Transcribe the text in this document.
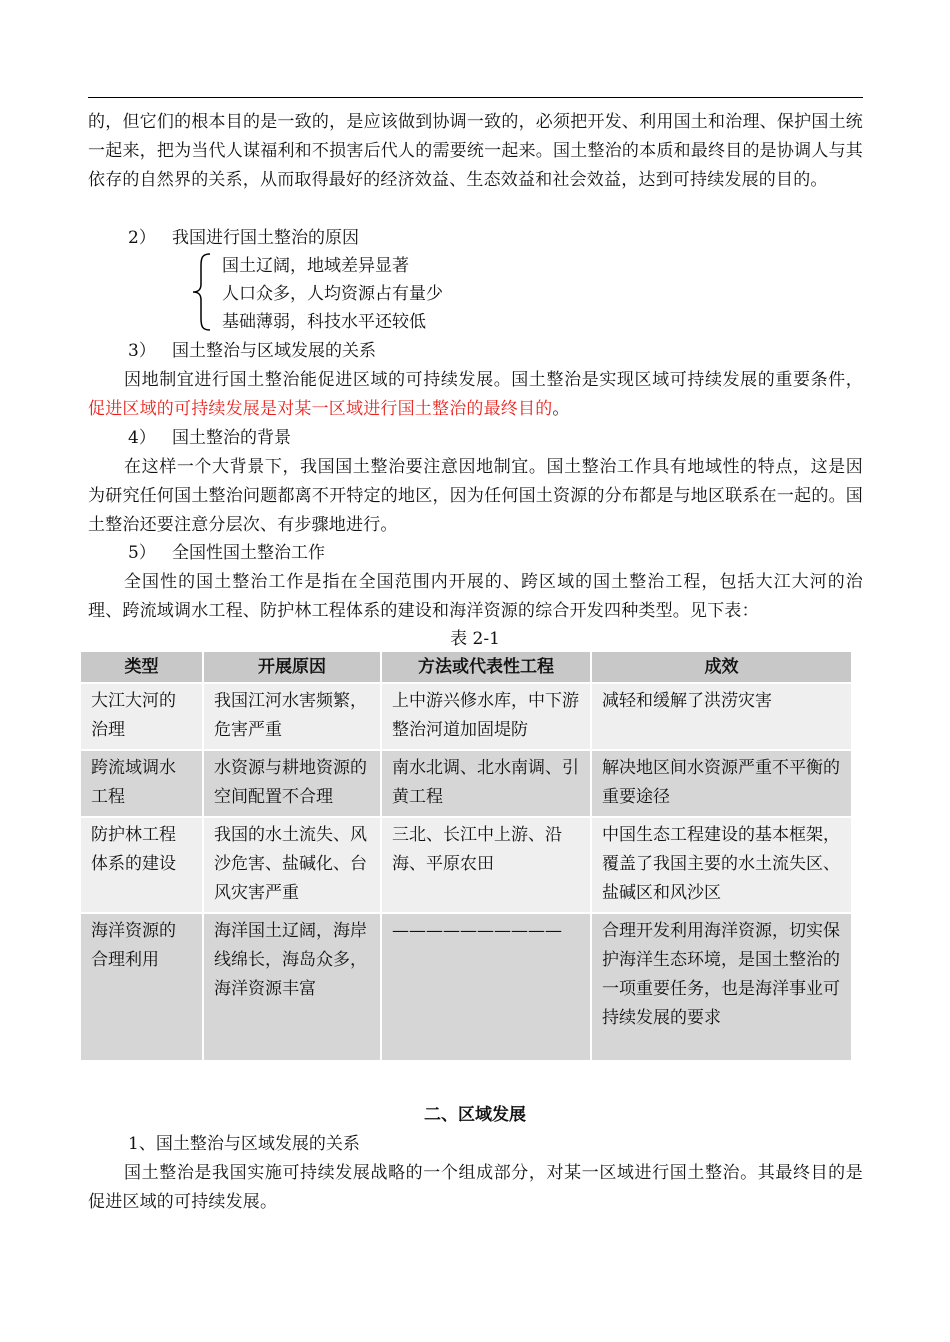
的，但它们的根本目的是一致的，是应该做到协调一致的，必须把开发、利用国土和治理、保护国土统一起来，把为当代人谋福利和不损害后代人的需要统一起来。国土整治的本质和最终目的是协调人与其依存的自然界的关系，从而取得最好的经济效益、生态效益和社会效益，达到可持续发展的目的。
2） 我国进行国土整治的原因
国土辽阔，地域差异显著
人口众多，人均资源占有量少
基础薄弱，科技水平还较低
3） 国土整治与区域发展的关系
因地制宜进行国土整治能促进区域的可持续发展。国土整治是实现区域可持续发展的重要条件，促进区域的可持续发展是对某一区域进行国土整治的最终目的。
4） 国土整治的背景
在这样一个大背景下，我国国土整治要注意因地制宜。国土整治工作具有地域性的特点，这是因为研究任何国土整治问题都离不开特定的地区，因为任何国土资源的分布都是与地区联系在一起的。国土整治还要注意分层次、有步骤地进行。
5） 全国性国土整治工作
全国性的国土整治工作是指在全国范围内开展的、跨区域的国土整治工程，包括大江大河的治理、跨流域调水工程、防护林工程体系的建设和海洋资源的综合开发四种类型。见下表：
表 2-1
类型	开展原因	方法或代表性工程	成效
大江大河的治理	我国江河水害频繁，危害严重	上中游兴修水库，中下游整治河道加固堤防	减轻和缓解了洪涝灾害
跨流域调水工程	水资源与耕地资源的空间配置不合理	南水北调、北水南调、引黄工程	解决地区间水资源严重不平衡的重要途径
防护林工程体系的建设	我国的水土流失、风沙危害、盐碱化、台风灾害严重	三北、长江中上游、沿海、平原农田	中国生态工程建设的基本框架，覆盖了我国主要的水土流失区、盐碱区和风沙区
海洋资源的合理利用	海洋国土辽阔，海岸线绵长，海岛众多，海洋资源丰富	——————————	合理开发利用海洋资源，切实保护海洋生态环境，是国土整治的一项重要任务，也是海洋事业可持续发展的要求
二、区域发展
1、国土整治与区域发展的关系
国土整治是我国实施可持续发展战略的一个组成部分，对某一区域进行国土整治。其最终目的是促进区域的可持续发展。
